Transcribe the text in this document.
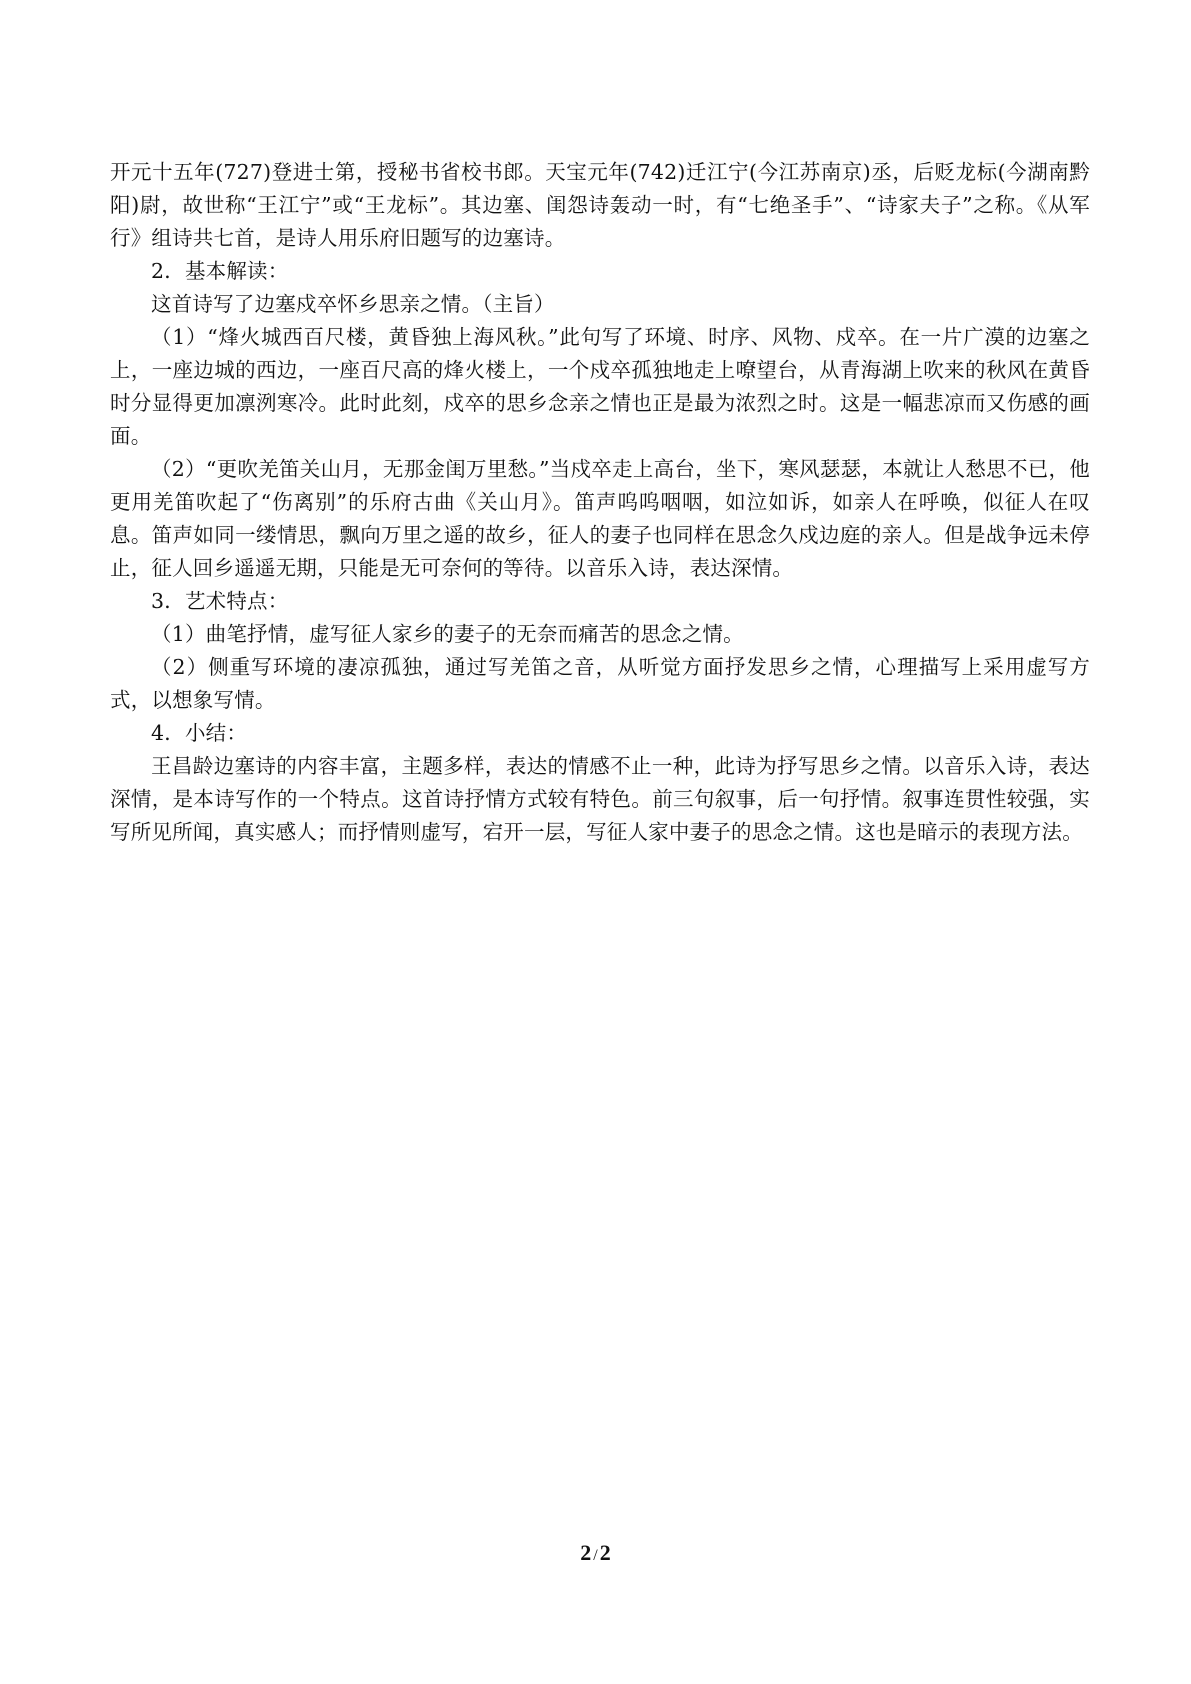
开元十五年(727)登进士第，授秘书省校书郎。天宝元年(742)迁江宁(今江苏南京)丞，后贬龙标(今湖南黔阳)尉，故世称“王江宁”或“王龙标”。其边塞、闺怨诗轰动一时，有“七绝圣手”、“诗家夫子”之称。《从军行》组诗共七首，是诗人用乐府旧题写的边塞诗。

2．基本解读：

这首诗写了边塞戍卒怀乡思亲之情。（主旨）

（1）“烽火城西百尺楼，黄昏独上海风秋。”此句写了环境、时序、风物、戍卒。在一片广漠的边塞之上，一座边城的西边，一座百尺高的烽火楼上，一个戍卒孤独地走上嘹望台，从青海湖上吹来的秋风在黄昏时分显得更加凛洌寒冷。此时此刻，戍卒的思乡念亲之情也正是最为浓烈之时。这是一幅悲凉而又伤感的画面。

（2）“更吹羌笛关山月，无那金闺万里愁。”当戍卒走上高台，坐下，寒风瑟瑟，本就让人愁思不已，他更用羌笛吹起了“伤离别”的乐府古曲《关山月》。笛声呜呜咽咽，如泣如诉，如亲人在呼唤，似征人在叹息。笛声如同一缕情思，飘向万里之遥的故乡，征人的妻子也同样在思念久戍边庭的亲人。但是战争远未停止，征人回乡遥遥无期，只能是无可奈何的等待。以音乐入诗，表达深情。

3．艺术特点：

（1）曲笔抒情，虚写征人家乡的妻子的无奈而痛苦的思念之情。

（2）侧重写环境的凄凉孤独，通过写羌笛之音，从听觉方面抒发思乡之情，心理描写上采用虚写方式，以想象写情。

4．小结：

王昌龄边塞诗的内容丰富，主题多样，表达的情感不止一种，此诗为抒写思乡之情。以音乐入诗，表达深情，是本诗写作的一个特点。这首诗抒情方式较有特色。前三句叙事，后一句抒情。叙事连贯性较强，实写所见所闻，真实感人；而抒情则虚写，宕开一层，写征人家中妻子的思念之情。这也是暗示的表现方法。

2 /2
